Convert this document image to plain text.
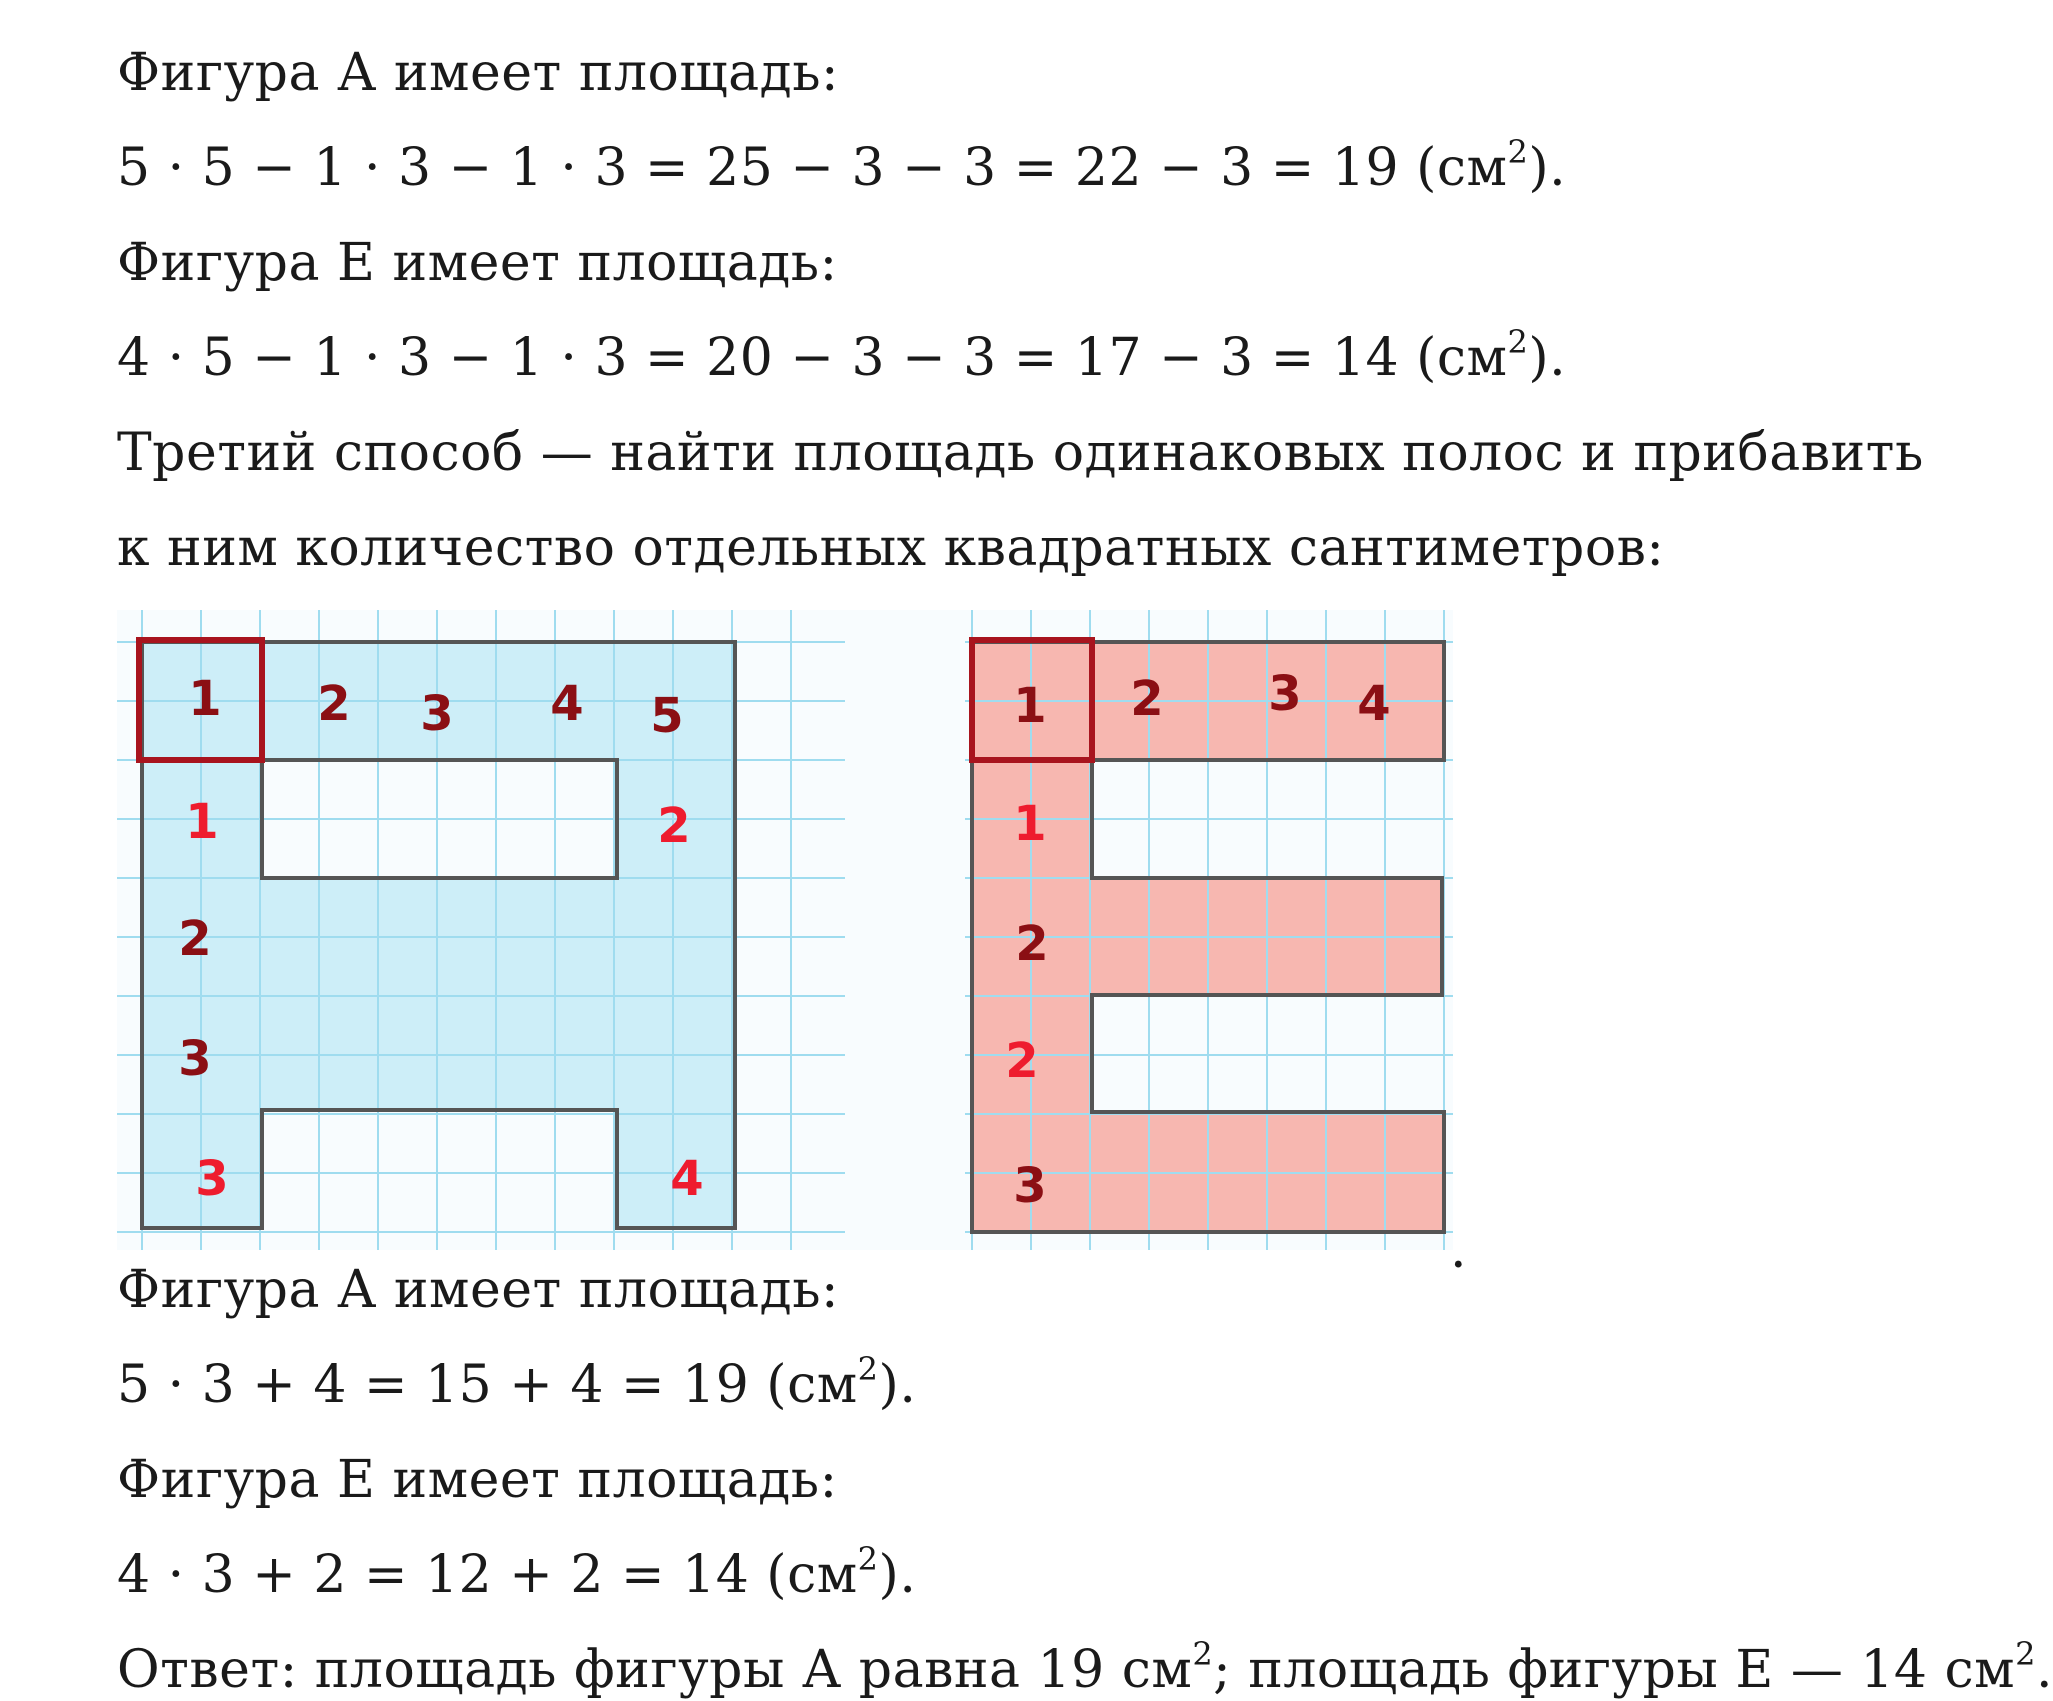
Фигура А имеет площадь:
5 · 5 − 1 · 3 − 1 · 3 = 25 − 3 − 3 = 22 − 3 = 19 $(см^2)$.
Фигура Е имеет площадь:
4 · 5 − 1 · 3 − 1 · 3 = 20 − 3 − 3 = 17 − 3 = 14 $(см^2)$.
Третий способ — найти площадь одинаковых полос и прибавить
к ним количество отдельных квадратных сантиметров:
1 2 3 4 5
1
2
3
3
2
4
1 2 3 4
1
2
2
3
.
Фигура А имеет площадь:
5 · 3 + 4 = 15 + 4 = 19 $(см^2)$.
Фигура Е имеет площадь:
4 · 3 + 2 = 12 + 2 = 14 $(см^2)$.
Ответ: площадь фигуры А равна 19 $см^2$; площадь фигуры Е — 14 $см^2$.
